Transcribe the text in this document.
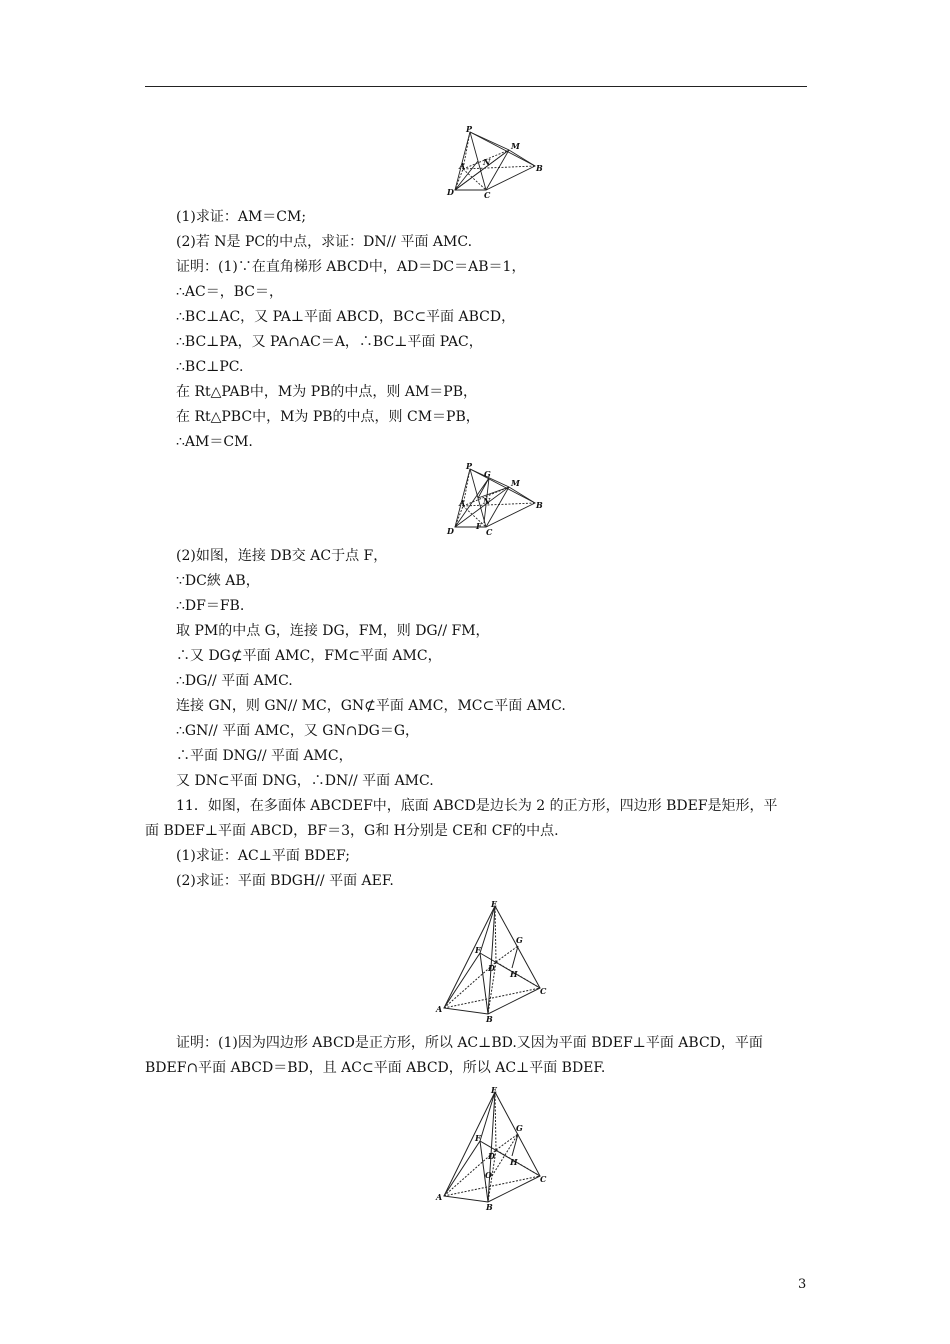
P
M
A N
B
D	C
(1)求证：AM＝CM;
(2)若 N是 PC的中点，求证：DN// 平面 AMC.
证明：(1)∵在直角梯形 ABCD中，AD＝DC＝AB＝1，
∴AC＝，BC＝，
∴BC⊥AC，又 PA⊥平面 ABCD，BC⊂平面 ABCD，
∴BC⊥PA，又 PA∩AC＝A，∴BC⊥平面 PAC，
∴BC⊥PC.
在 Rt△PAB中，M为 PB的中点，则 AM＝PB，
在 Rt△PBC中，M为 PB的中点，则 CM＝PB，
∴AM＝CM.
P
G
M
A N	B
D	F
C
(2)如图，连接 DB交 AC于点 F，
∵DC綊 AB，
∴DF＝FB.
取 PM的中点 G，连接 DG，FM，则 DG// FM，
∴又 DG⊄平面 AMC，FM⊂平面 AMC，
∴DG// 平面 AMC.
连接 GN，则 GN// MC，GN⊄平面 AMC，MC⊂平面 AMC.
∴GN// 平面 AMC，又 GN∩DG＝G，
∴平面 DNG// 平面 AMC，
又 DN⊂平面 DNG，∴DN// 平面 AMC.
11．如图，在多面体 ABCDEF中，底面 ABCD是边长为 2 的正方形，四边形 BDEF是矩形，平
面 BDEF⊥平面 ABCD，BF＝3，G和 H分别是 CE和 CF的中点.
(1)求证：AC⊥平面 BDEF;
(2)求证：平面 BDGH// 平面 AEF.
E
G
F
D
H
A
C
B
证明：(1)因为四边形 ABCD是正方形，所以 AC⊥BD.又因为平面 BDEF⊥平面 ABCD，平面
BDEF∩平面 ABCD＝BD，且 AC⊂平面 ABCD，所以 AC⊥平面 BDEF.
E
G
F
D
H
O
A
C
B
3
